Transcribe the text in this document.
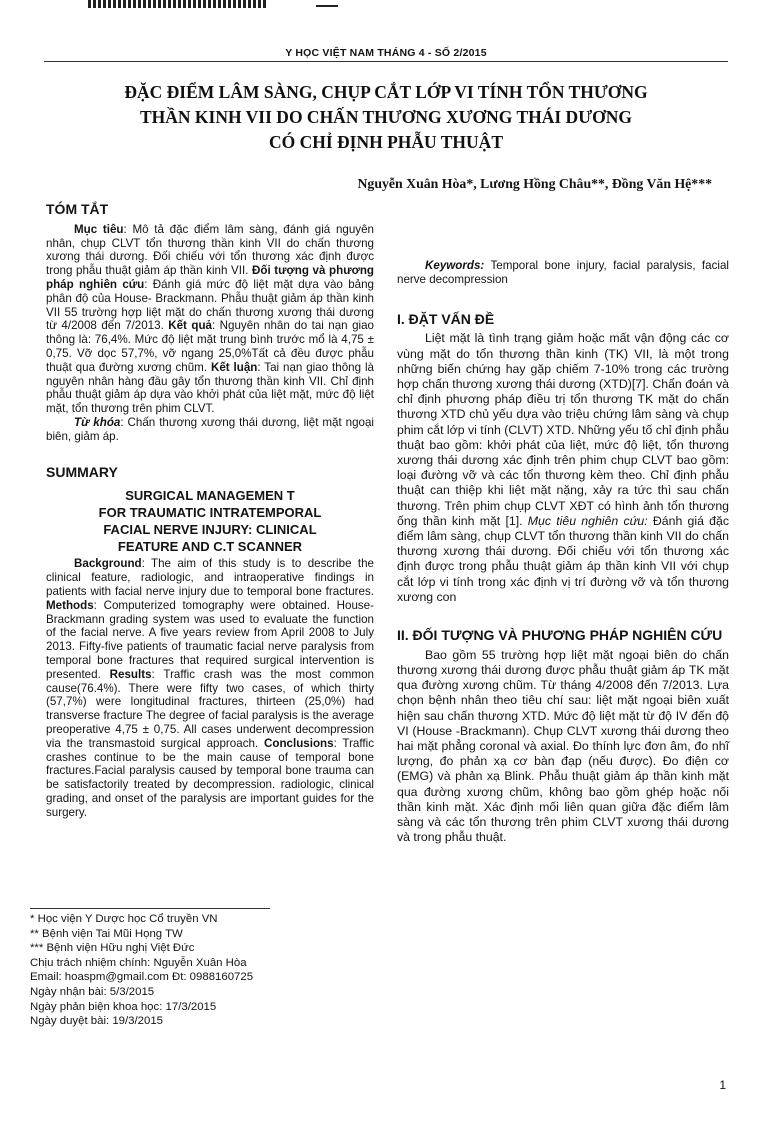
Y HỌC VIỆT NAM THÁNG 4 - SỐ 2/2015
ĐẶC ĐIỂM LÂM SÀNG, CHỤP CẮT LỚP VI TÍNH TỔN THƯƠNG
THẦN KINH VII DO CHẤN THƯƠNG XƯƠNG THÁI DƯƠNG
CÓ CHỈ ĐỊNH PHẪU THUẬT
Nguyễn Xuân Hòa*, Lương Hồng Châu**, Đồng Văn Hệ***
TÓM TẮT

Mục tiêu: Mô tả đặc điểm lâm sàng, đánh giá nguyên nhân, chụp CLVT tổn thương thần kinh VII do chấn thương xương thái dương. Đối chiếu với tổn thương xác định được trong phẫu thuật giảm áp thần kinh VII. Đối tượng và phương pháp nghiên cứu: Đánh giá mức độ liệt mặt dựa vào bảng phân độ của House- Brackmann. Phẫu thuật giảm áp thần kinh VII 55 trường hợp liệt mặt do chấn thương xương thái dương từ 4/2008 đến 7/2013. Kết quả: Nguyên nhân do tai nạn giao thông là: 76,4%. Mức độ liệt mặt trung bình trước mổ là 4,75 ± 0,75. Vỡ dọc 57,7%, vỡ ngang 25,0%Tất cả đều được phẫu thuật qua đường xương chũm. Kết luận: Tai nạn giao thông là nguyên nhân hàng đầu gây tổn thương thần kinh VII. Chỉ định phẫu thuật giảm áp dựa vào khởi phát của liệt mặt, mức độ liệt mặt, tổn thương trên phim CLVT.

Từ khóa: Chấn thương xương thái dương, liệt mặt ngoại biên, giảm áp.

SUMMARY
SURGICAL MANAGEMEN T
FOR TRAUMATIC INTRATEMPORAL
FACIAL NERVE INJURY: CLINICAL
FEATURE AND C.T SCANNER

Background: The aim of this study is to describe the clinical feature, radiologic, and intraoperative findings in patients with facial nerve injury due to temporal bone fractures. Methods: Computerized tomography were obtained. House-Brackmann grading system was used to evaluate the function of the facial nerve. A five years review from April 2008 to July 2013. Fifty-five patients of traumatic facial nerve paralysis from temporal bone fractures that required surgical intervention is presented. Results: Traffic crash was the most common cause(76.4%). There were fifty two cases, of which thirty (57,7%) were longitudinal fractures, thirteen (25,0%) had transverse fracture The degree of facial paralysis is the average preoperative 4,75 ± 0,75. All cases underwent decompression via the transmastoid surgical approach. Conclusions: Traffic crashes continue to be the main cause of temporal bone fractures.Facial paralysis caused by temporal bone trauma can be satisfactorily treated by decompression. radiologic, clinical grading, and onset of the paralysis are important guides for the surgery.

Keywords: Temporal bone injury, facial paralysis, facial nerve decompression

I. ĐẶT VẤN ĐỀ

Liệt mặt là tình trạng giảm hoặc mất vận động các cơ vùng mặt do tổn thương thần kinh (TK) VII, là một trong những biến chứng hay gặp chiếm 7-10% trong các trường hợp chấn thương xương thái dương (XTD)[7]. Chẩn đoán và chỉ định phương pháp điều trị tổn thương TK mặt do chấn thương XTD chủ yếu dựa vào triệu chứng lâm sàng và chụp phim cắt lớp vi tính (CLVT) XTD. Những yếu tố chỉ định phẫu thuật bao gồm: khởi phát của liệt, mức độ liệt, tổn thương xương thái dương xác định trên phim chụp CLVT bao gồm: loại đường vỡ và các tổn thương kèm theo. Chỉ định phẫu thuật can thiệp khi liệt mặt nặng, xảy ra tức thì sau chấn thương. Trên phim chụp CLVT XĐT có hình ảnh tổn thương ống thần kinh mặt [1]. Mục tiêu nghiên cứu: Đánh giá đặc điểm lâm sàng, chụp CLVT tổn thương thần kinh VII do chấn thương xương thái dương. Đối chiếu với tổn thương xác định được trong phẫu thuật giảm áp thần kinh VII với chụp cắt lớp vi tính trong xác định vị trí đường vỡ và tổn thương xương con

II. ĐỐI TƯỢNG VÀ PHƯƠNG PHÁP NGHIÊN CỨU

Bao gồm 55 trường hợp liệt mặt ngoại biên do chấn thương xương thái dương được phẫu thuật giảm áp TK mặt qua đường xương chũm. Từ tháng 4/2008 đến 7/2013. Lựa chọn bệnh nhân theo tiêu chí sau: liệt mặt ngoại biên xuất hiện sau chấn thương XTD. Mức độ liệt mặt từ độ IV đến độ VI (House -Brackmann). Chụp CLVT xương thái dương theo hai mặt phẳng coronal và axial. Đo thính lực đơn âm, đo nhĩ lượng, đo phản xạ cơ bàn đạp (nếu được). Đo điện cơ (EMG) và phản xạ Blink. Phẫu thuật giảm áp thần kinh mặt qua đường xương chũm, không bao gồm ghép hoặc nối thần kinh mặt. Xác định mối liên quan giữa đặc điểm lâm sàng và các tổn thương trên phim CLVT xương thái dương và trong phẫu thuật.

* Học viện Y Dược học Cổ truyền VN
** Bệnh viện Tai Mũi Họng TW
*** Bệnh viện Hữu nghị Việt Đức
Chịu trách nhiệm chính: Nguyễn Xuân Hòa
Email: hoaspm@gmail.com Đt: 0988160725
Ngày nhận bài: 5/3/2015
Ngày phản biện khoa học: 17/3/2015
Ngày duyệt bài: 19/3/2015
1
